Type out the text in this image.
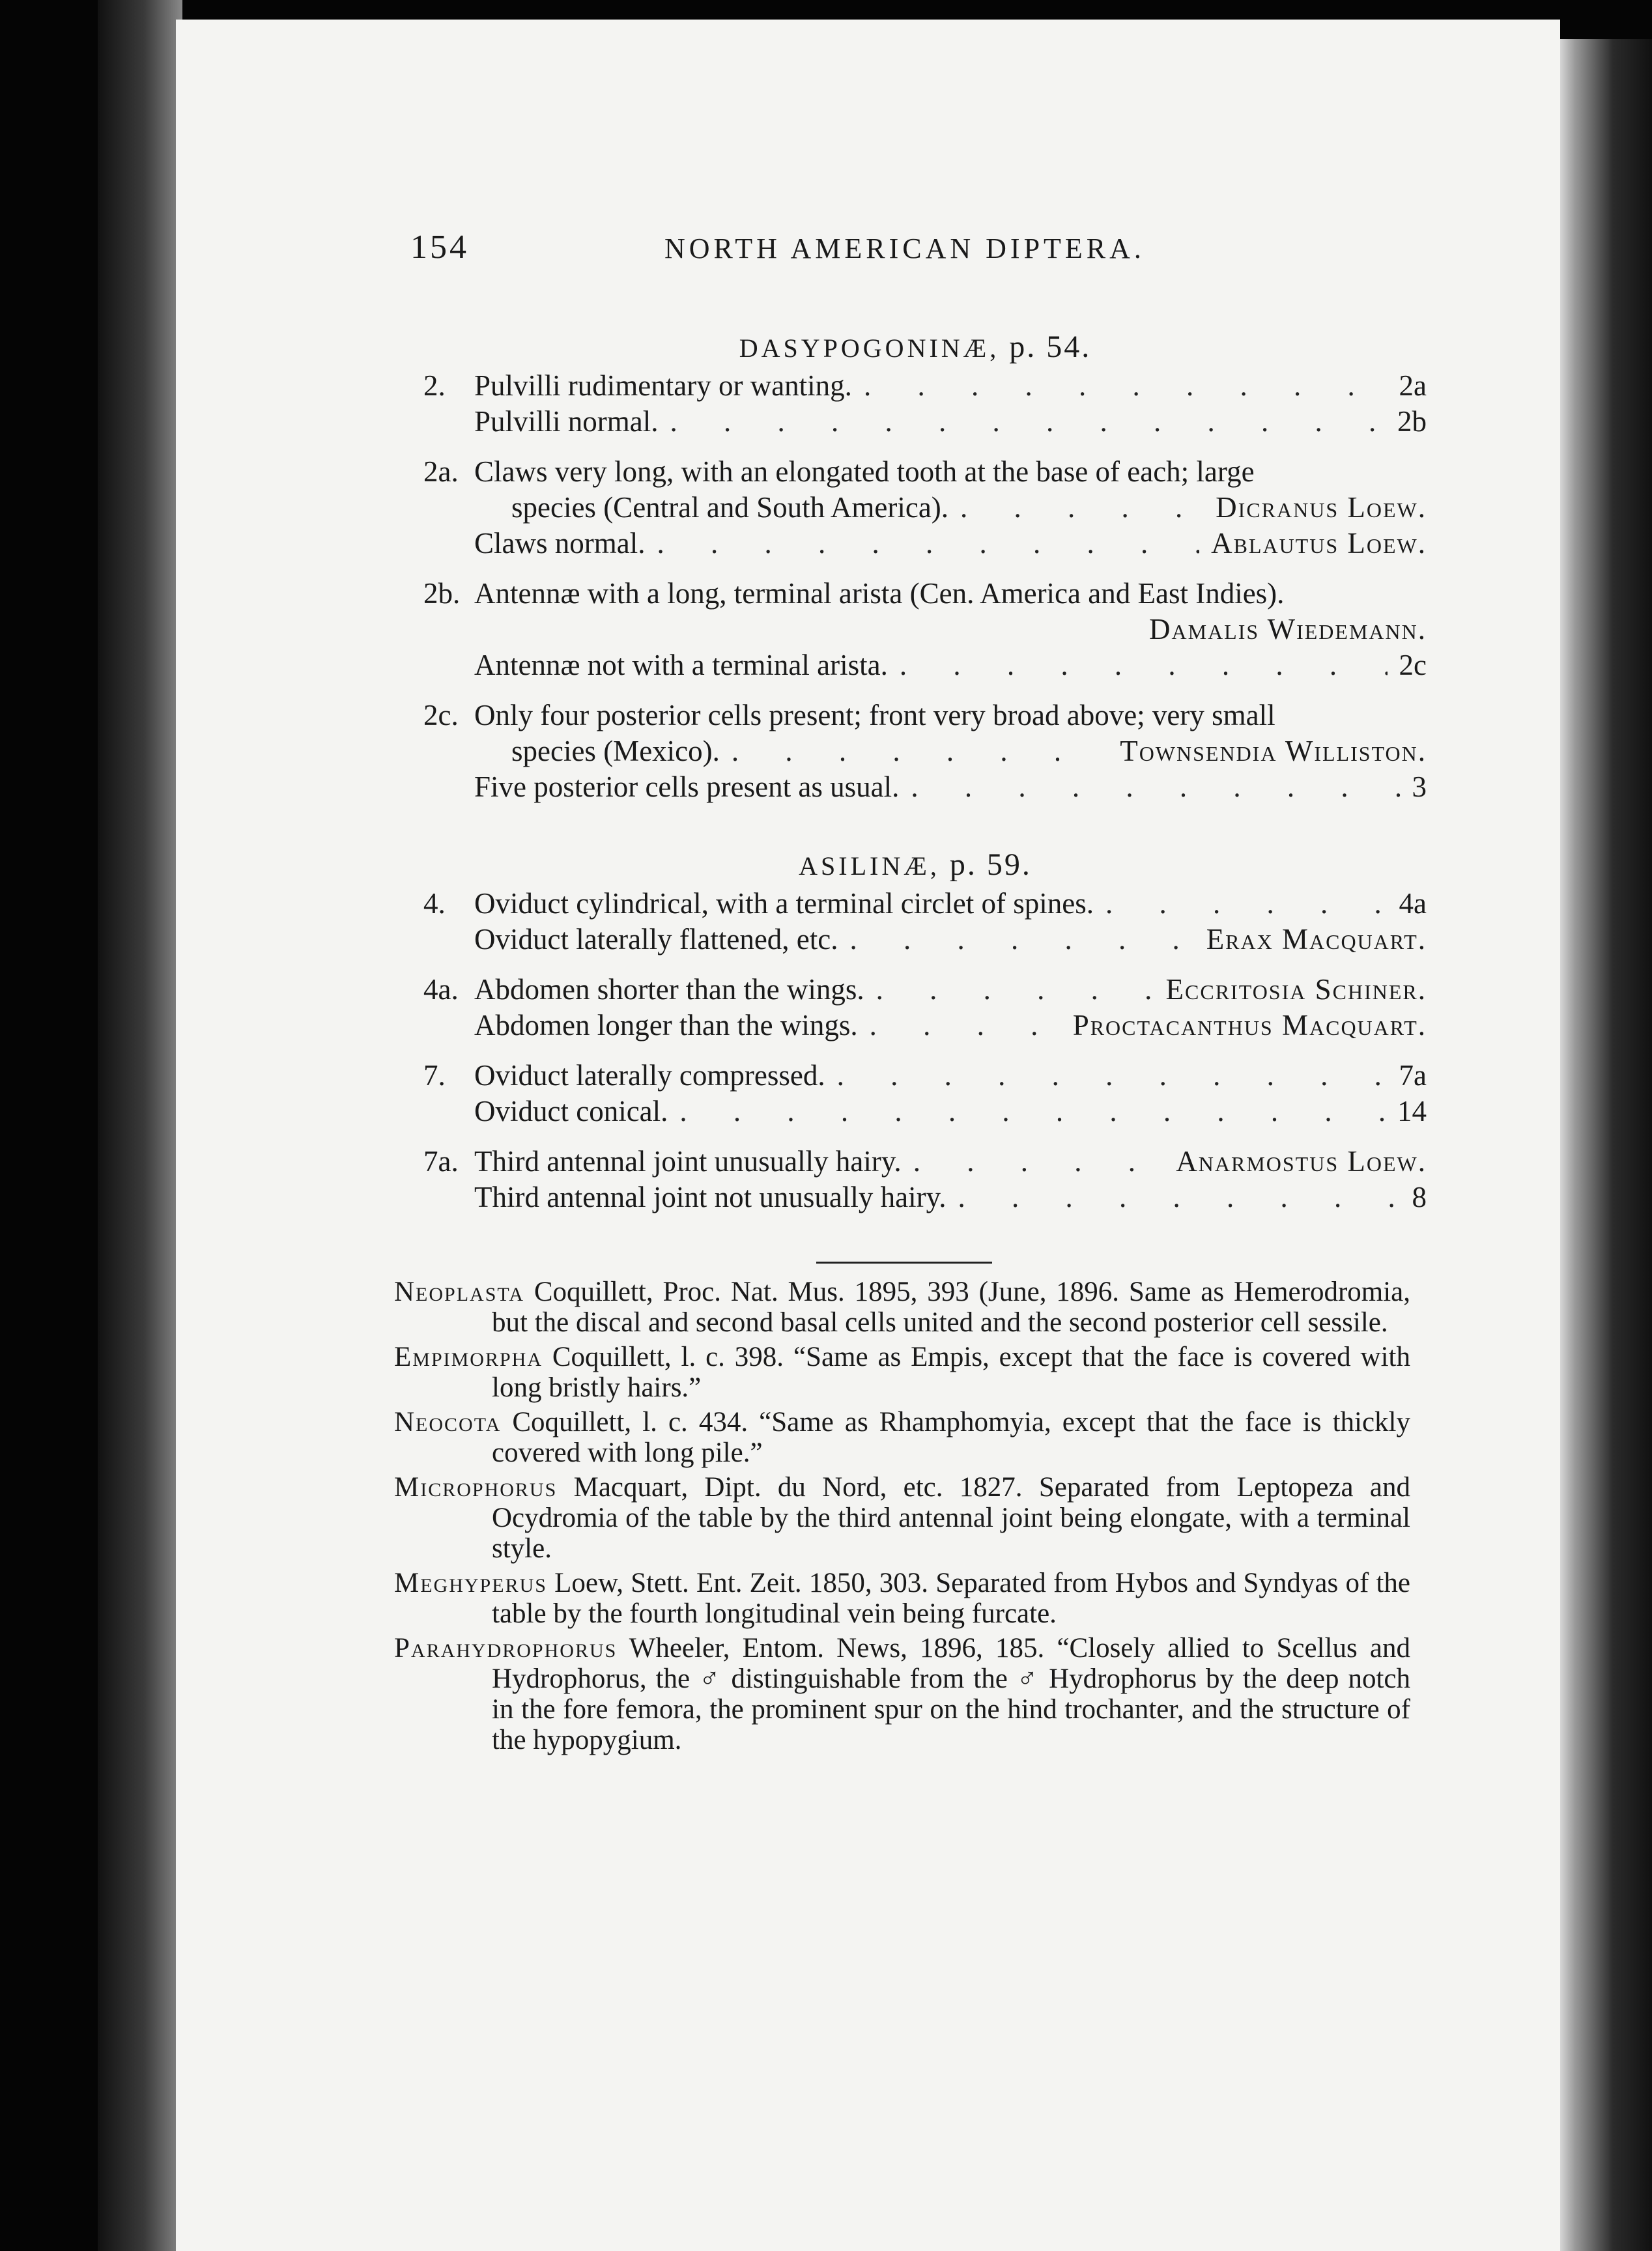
154	NORTH AMERICAN DIPTERA.
DASYPOGONINÆ, p. 54.
2. Pulvilli rudimentary or wanting. . . .	2a
Pulvilli normal. . . .	2b
2a. Claws very long, with an elongated tooth at the base of each; large
species (Central and South America). . . .	Dicranus Loew.
Claws normal. . . .	Ablautus Loew.
2b. Antennæ with a long, terminal arista (Cen. America and East Indies).
Damalis Wiedemann.
Antennæ not with a terminal arista. . . .	2c
2c. Only four posterior cells present; front very broad above; very small
species (Mexico). . . .	Townsendia Williston.
Five posterior cells present as usual. . . .	3
ASILINÆ, p. 59.
4. Oviduct cylindrical, with a terminal circlet of spines. . . .	4a
Oviduct laterally flattened, etc. . . .	Erax Macquart.
4a. Abdomen shorter than the wings. . . .	Eccritosia Schiner.
Abdomen longer than the wings. . . .	Proctacanthus Macquart.
7. Oviduct laterally compressed. . . .	7a
Oviduct conical. . . .	14
7a. Third antennal joint unusually hairy. . . .	Anarmostus Loew.
Third antennal joint not unusually hairy. . . .	8

Neoplasta Coquillett, Proc. Nat. Mus. 1895, 393 (June, 1896. Same as Hemerodromia, but the discal and second basal cells united and the second posterior cell sessile.

Empimorpha Coquillett, l. c. 398. “Same as Empis, except that the face is covered with long bristly hairs.”

Neocota Coquillett, l. c. 434. “Same as Rhamphomyia, except that the face is thickly covered with long pile.”

Microphorus Macquart, Dipt. du Nord, etc. 1827. Separated from Leptopeza and Ocydromia of the table by the third antennal joint being elongate, with a terminal style.

Meghyperus Loew, Stett. Ent. Zeit. 1850, 303. Separated from Hybos and Syndyas of the table by the fourth longitudinal vein being furcate.

Parahydrophorus Wheeler, Entom. News, 1896, 185. “Closely allied to Scellus and Hydrophorus, the ♂ distinguishable from the ♂ Hydrophorus by the deep notch in the fore femora, the prominent spur on the hind trochanter, and the structure of the hypopygium.
